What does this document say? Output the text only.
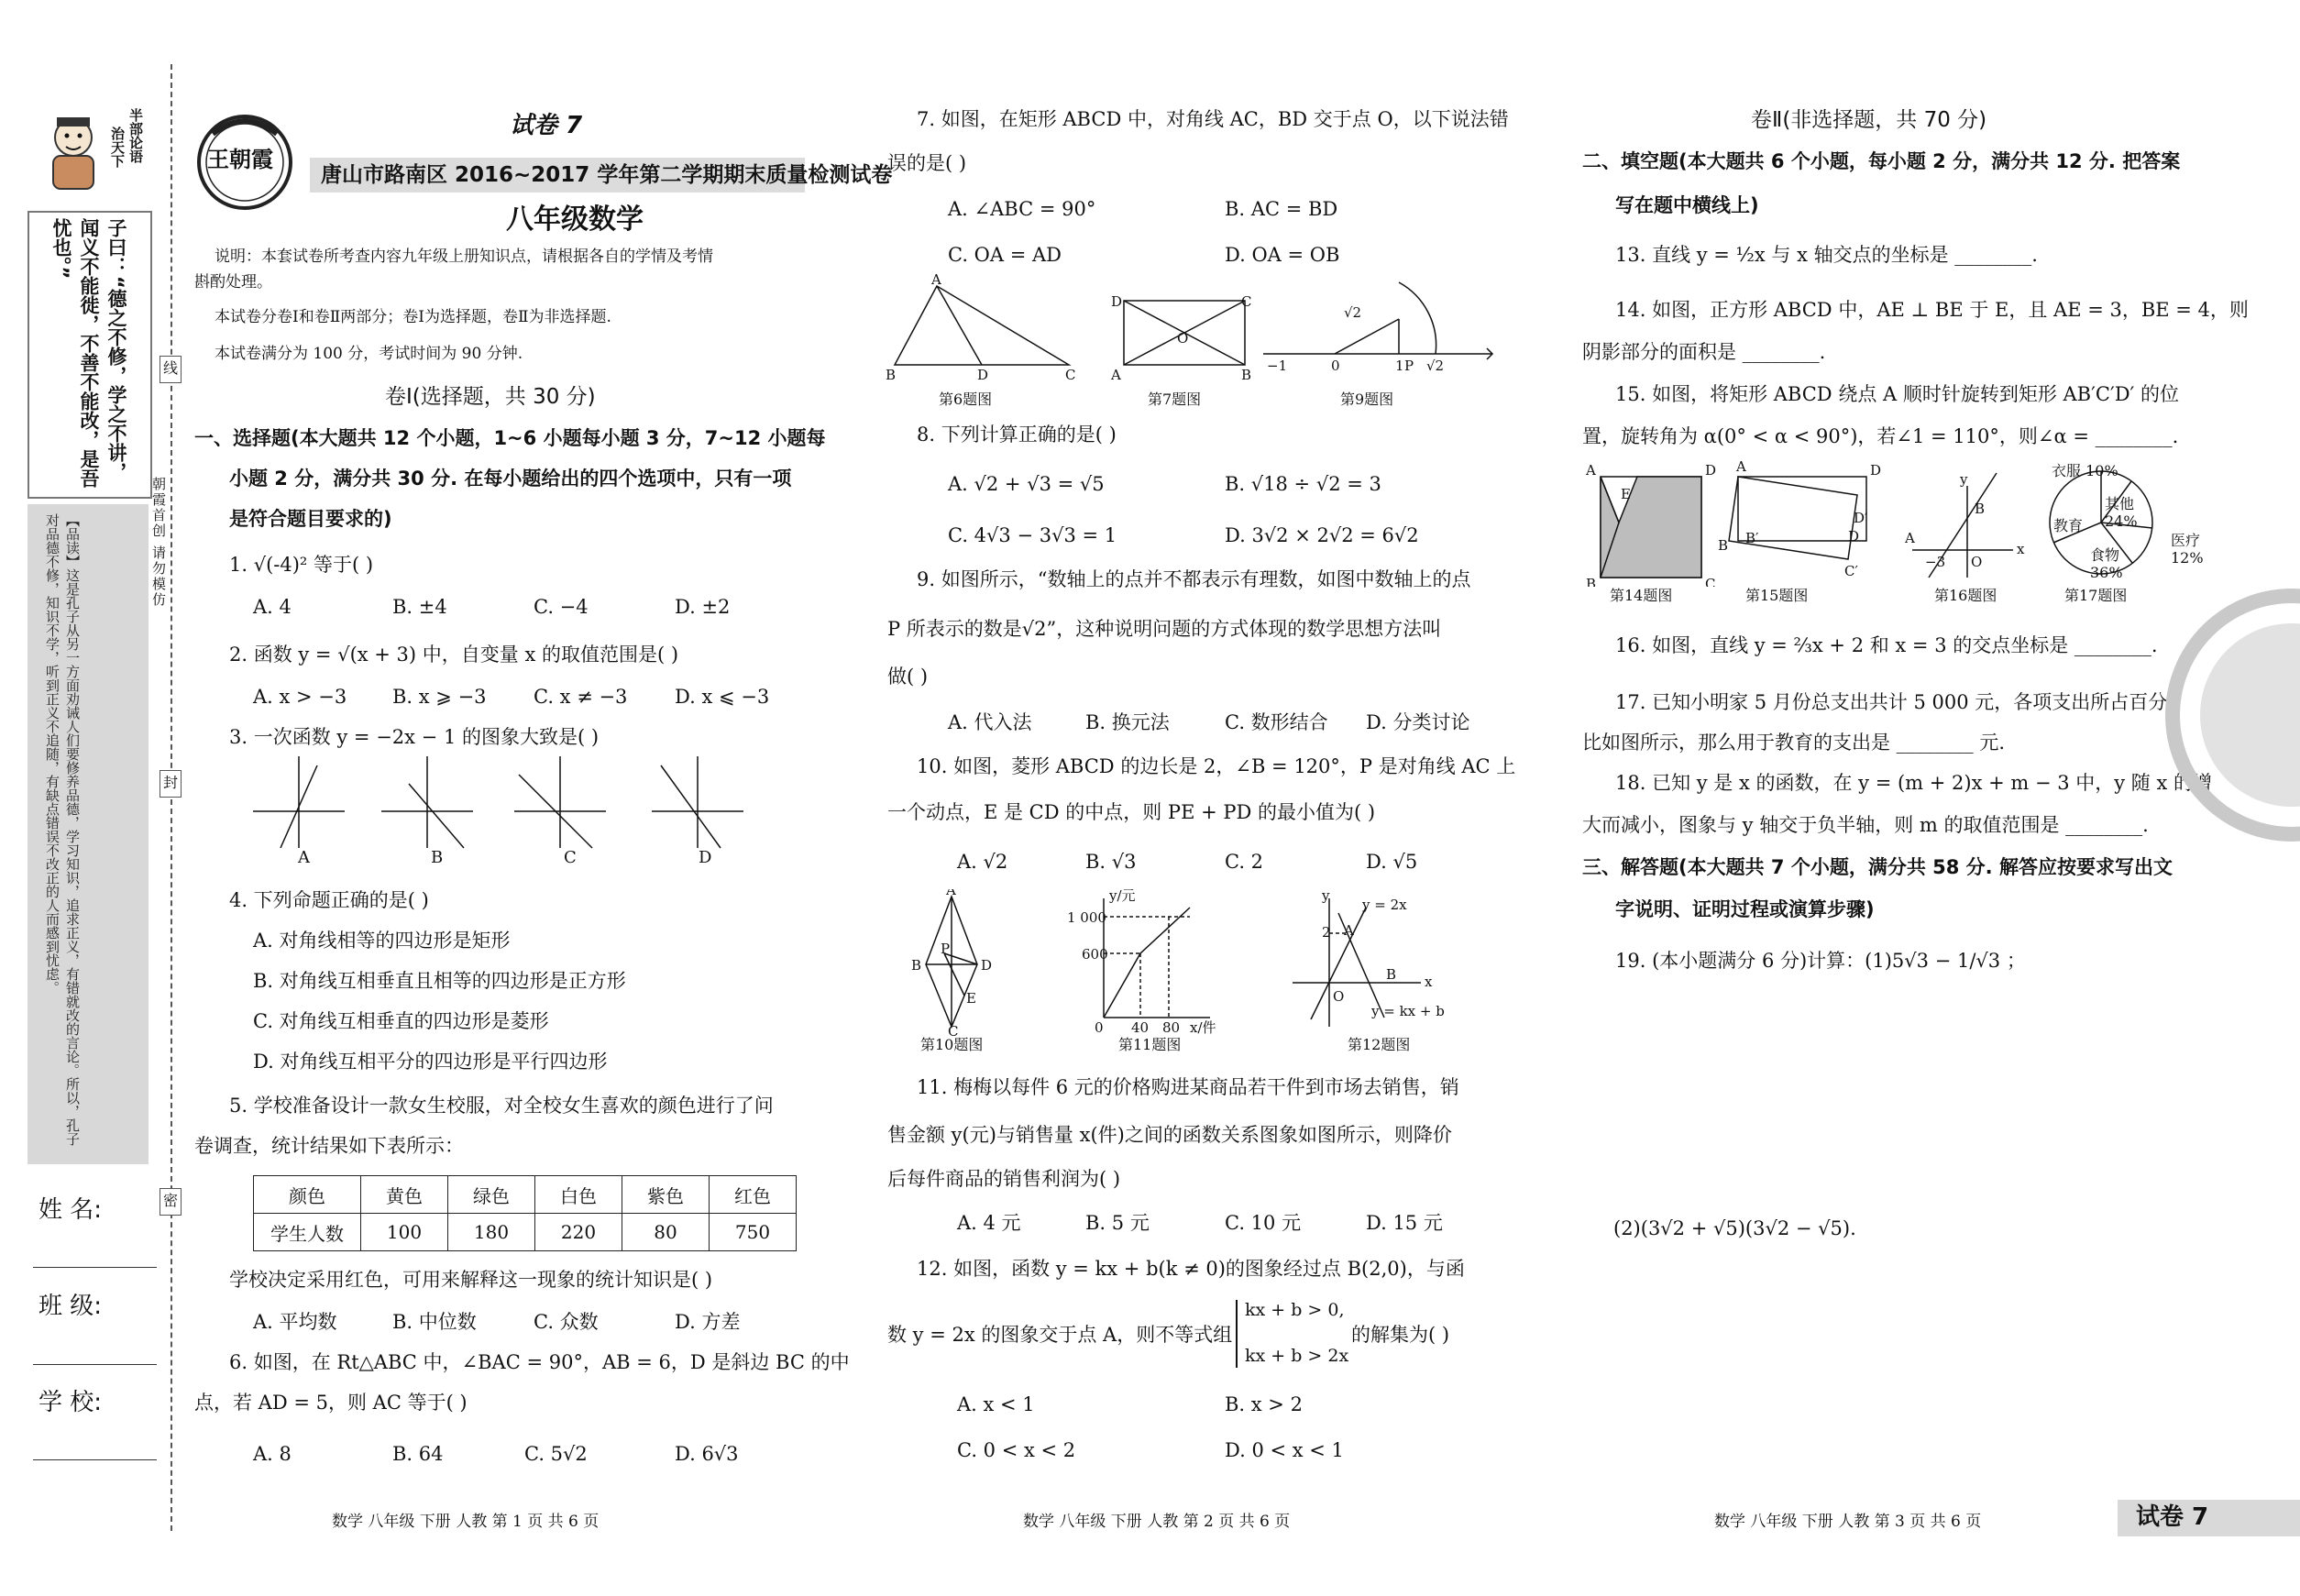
半部论语
治天下
子曰：“德之不修，学之不讲，闻义不能徙，不善不能改，是吾忧也。”
【品读】这是孔子从另一方面劝诫人们要修养品德，学习知识，追求正义，有错就改的言论。所以，孔子对品德不修，知识不学，听到正义不追随，有缺点错误不改正的人而感到忧虑。
姓 名:
班 级:
学 校:
线
封
密
朝霞首创 请勿模仿
王朝霞
试卷 7
唐山市路南区 2016~2017 学年第二学期期末质量检测试卷
八年级数学
说明：本套试卷所考查内容九年级上册知识点，请根据各自的学情及考情
斟酌处理。
本试卷分卷Ⅰ和卷Ⅱ两部分；卷Ⅰ为选择题，卷Ⅱ为非选择题.
本试卷满分为 100 分，考试时间为 90 分钟.
卷Ⅰ(选择题，共 30 分)
一、选择题(本大题共 12 个小题，1~6 小题每小题 3 分，7~12 小题每
小题 2 分，满分共 30 分. 在每小题给出的四个选项中，只有一项
是符合题目要求的)
1. √(-4)² 等于( )
A. 4	B. ±4	C. −4	D. ±2
2. 函数 y = √(x + 3) 中，自变量 x 的取值范围是( )
A. x > −3 B. x ⩾ −3 C. x ≠ −3 D. x ⩽ −3
3. 一次函数 y = −2x − 1 的图象大致是( )
A	B	C	D
4. 下列命题正确的是( )
A. 对角线相等的四边形是矩形
B. 对角线互相垂直且相等的四边形是正方形
C. 对角线互相垂直的四边形是菱形
D. 对角线互相平分的四边形是平行四边形
5. 学校准备设计一款女生校服，对全校女生喜欢的颜色进行了问
卷调查，统计结果如下表所示：
颜色	黄色	绿色	白色	紫色	红色
学生人数	100	180	220	80	750
学校决定采用红色，可用来解释这一现象的统计知识是( )
A. 平均数	B. 中位数	C. 众数	D. 方差
6. 如图，在 Rt△ABC 中，∠BAC = 90°，AB = 6，D 是斜边 BC 的中
点，若 AD = 5，则 AC 等于( )
A. 8	B. 64	C. 5√2	D. 6√3
数学 八年级 下册 人教 第 1 页 共 6 页
7. 如图，在矩形 ABCD 中，对角线 AC，BD 交于点 O，以下说法错
误的是( )
A. ∠ABC = 90°	B. AC = BD
C. OA = AD	D. OA = OB
A
B	D	C
D	C
A	B
O
−1	0	1 P
√2
√2
第6题图	第7题图	第9题图
8. 下列计算正确的是( )
A. √2 + √3 = √5	B. √18 ÷ √2 = 3
C. 4√3 − 3√3 = 1	D. 3√2 × 2√2 = 6√2
9. 如图所示，“数轴上的点并不都表示有理数，如图中数轴上的点
P 所表示的数是√2”，这种说明问题的方式体现的数学思想方法叫
做( )
A. 代入法	B. 换元法	C. 数形结合 D. 分类讨论
10. 如图，菱形 ABCD 的边长是 2，∠B = 120°，P 是对角线 AC 上
一个动点，E 是 CD 的中点，则 PE + PD 的最小值为( )
A. √2	B. √3	C. 2	D. √5
A
B	D
P
E
C
y/元
1 000
600
0 40 80 x/件
y
x
y = 2x
2 A
B
O
y = kx + b
第10题图	第11题图	第12题图
11. 梅梅以每件 6 元的价格购进某商品若干件到市场去销售，销
售金额 y(元)与销售量 x(件)之间的函数关系图象如图所示，则降价
后每件商品的销售利润为( )
A. 4 元	B. 5 元	C. 10 元	D. 15 元
12. 如图，函数 y = kx + b(k ≠ 0)的图象经过点 B(2,0)，与函
数 y = 2x 的图象交于点 A，则不等式组
kx + b > 0,
kx + b > 2x
的解集为( )
A. x < 1	B. x > 2
C. 0 < x < 2	D. 0 < x < 1
数学 八年级 下册 人教 第 2 页 共 6 页
卷Ⅱ(非选择题，共 70 分)
二、填空题(本大题共 6 个小题，每小题 2 分，满分共 12 分. 把答案
写在题中横线上)
13. 直线 y = ½x 与 x 轴交点的坐标是 ________.
14. 如图，正方形 ABCD 中，AE ⊥ BE 于 E，且 AE = 3，BE = 4，则
阴影部分的面积是 ________.
15. 如图，将矩形 ABCD 绕点 A 顺时针旋转到矩形 AB′C′D′ 的位
置，旋转角为 α(0° < α < 90°)，若∠1 = 110°，则∠α = ________.
A	D
B	C
E
A
B B′
D′
D
C′
D
y
x
A
B
−3 O
衣服 10%
其他 24%
医疗 12%
食物 36%
教育
第14题图	第15题图	第16题图	第17题图
16. 如图，直线 y = ⅔x + 2 和 x = 3 的交点坐标是 ________.
17. 已知小明家 5 月份总支出共计 5 000 元，各项支出所占百分
比如图所示，那么用于教育的支出是 ________ 元.
18. 已知 y 是 x 的函数，在 y = (m + 2)x + m − 3 中，y 随 x 的增
大而减小，图象与 y 轴交于负半轴，则 m 的取值范围是 ________.
三、解答题(本大题共 7 个小题，满分共 58 分. 解答应按要求写出文
字说明、证明过程或演算步骤)
19. (本小题满分 6 分)计算：(1)5√3 − 1/√3 ；
(2)(3√2 + √5)(3√2 − √5).
数学 八年级 下册 人教 第 3 页 共 6 页	试卷 7
